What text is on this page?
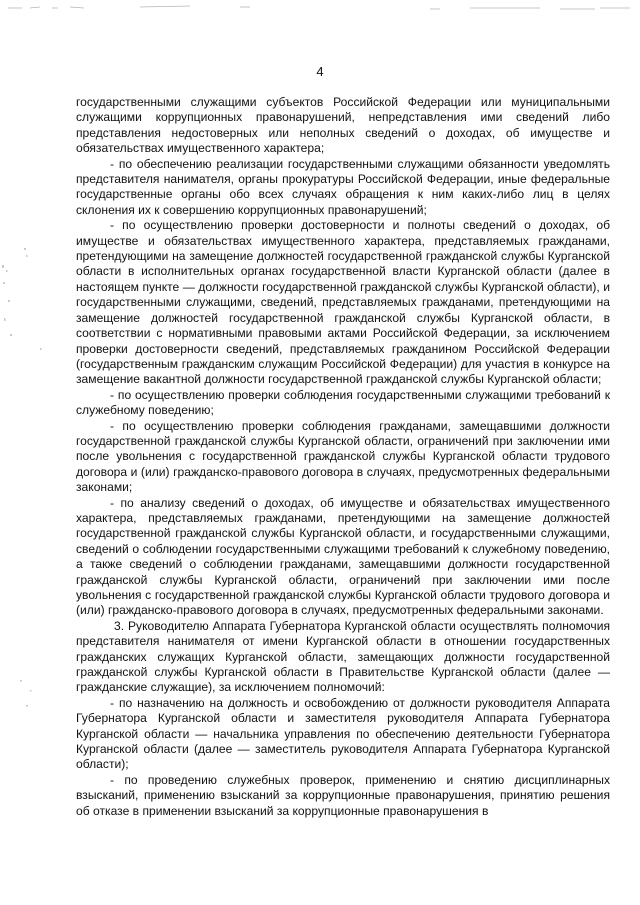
4

государственными служащими субъектов Российской Федерации или муниципальными служащими коррупционных правонарушений, непредставления ими сведений либо представления недостоверных или неполных сведений о доходах, об имуществе и обязательствах имущественного характера;

- по обеспечению реализации государственными служащими обязанности уведомлять представителя нанимателя, органы прокуратуры Российской Федерации, иные федеральные государственные органы обо всех случаях обращения к ним каких-либо лиц в целях склонения их к совершению коррупционных правонарушений;

- по осуществлению проверки достоверности и полноты сведений о доходах, об имуществе и обязательствах имущественного характера, представляемых гражданами, претендующими на замещение должностей государственной гражданской службы Курганской области в исполнительных органах государственной власти Курганской области (далее в настоящем пункте — должности государственной гражданской службы Курганской области), и государственными служащими, сведений, представляемых гражданами, претендующими на замещение должностей государственной гражданской службы Курганской области, в соответствии с нормативными правовыми актами Российской Федерации, за исключением проверки достоверности сведений, представляемых гражданином Российской Федерации (государственным гражданским служащим Российской Федерации) для участия в конкурсе на замещение вакантной должности государственной гражданской службы Курганской области;

- по осуществлению проверки соблюдения государственными служащими требований к служебному поведению;

- по осуществлению проверки соблюдения гражданами, замещавшими должности государственной гражданской службы Курганской области, ограничений при заключении ими после увольнения с государственной гражданской службы Курганской области трудового договора и (или) гражданско-правового договора в случаях, предусмотренных федеральными законами;

- по анализу сведений о доходах, об имуществе и обязательствах имущественного характера, представляемых гражданами, претендующими на замещение должностей государственной гражданской службы Курганской области, и государственными служащими, сведений о соблюдении государственными служащими требований к служебному поведению, а также сведений о соблюдении гражданами, замещавшими должности государственной гражданской службы Курганской области, ограничений при заключении ими после увольнения с государственной гражданской службы Курганской области трудового договора и (или) гражданско-правового договора в случаях, предусмотренных федеральными законами.

3. Руководителю Аппарата Губернатора Курганской области осуществлять полномочия представителя нанимателя от имени Курганской области в отношении государственных гражданских служащих Курганской области, замещающих должности государственной гражданской службы Курганской области в Правительстве Курганской области (далее — гражданские служащие), за исключением полномочий:

- по назначению на должность и освобождению от должности руководителя Аппарата Губернатора Курганской области и заместителя руководителя Аппарата Губернатора Курганской области — начальника управления по обеспечению деятельности Губернатора Курганской области (далее — заместитель руководителя Аппарата Губернатора Курганской области);

- по проведению служебных проверок, применению и снятию дисциплинарных взысканий, применению взысканий за коррупционные правонарушения, принятию решения об отказе в применении взысканий за коррупционные правонарушения в
